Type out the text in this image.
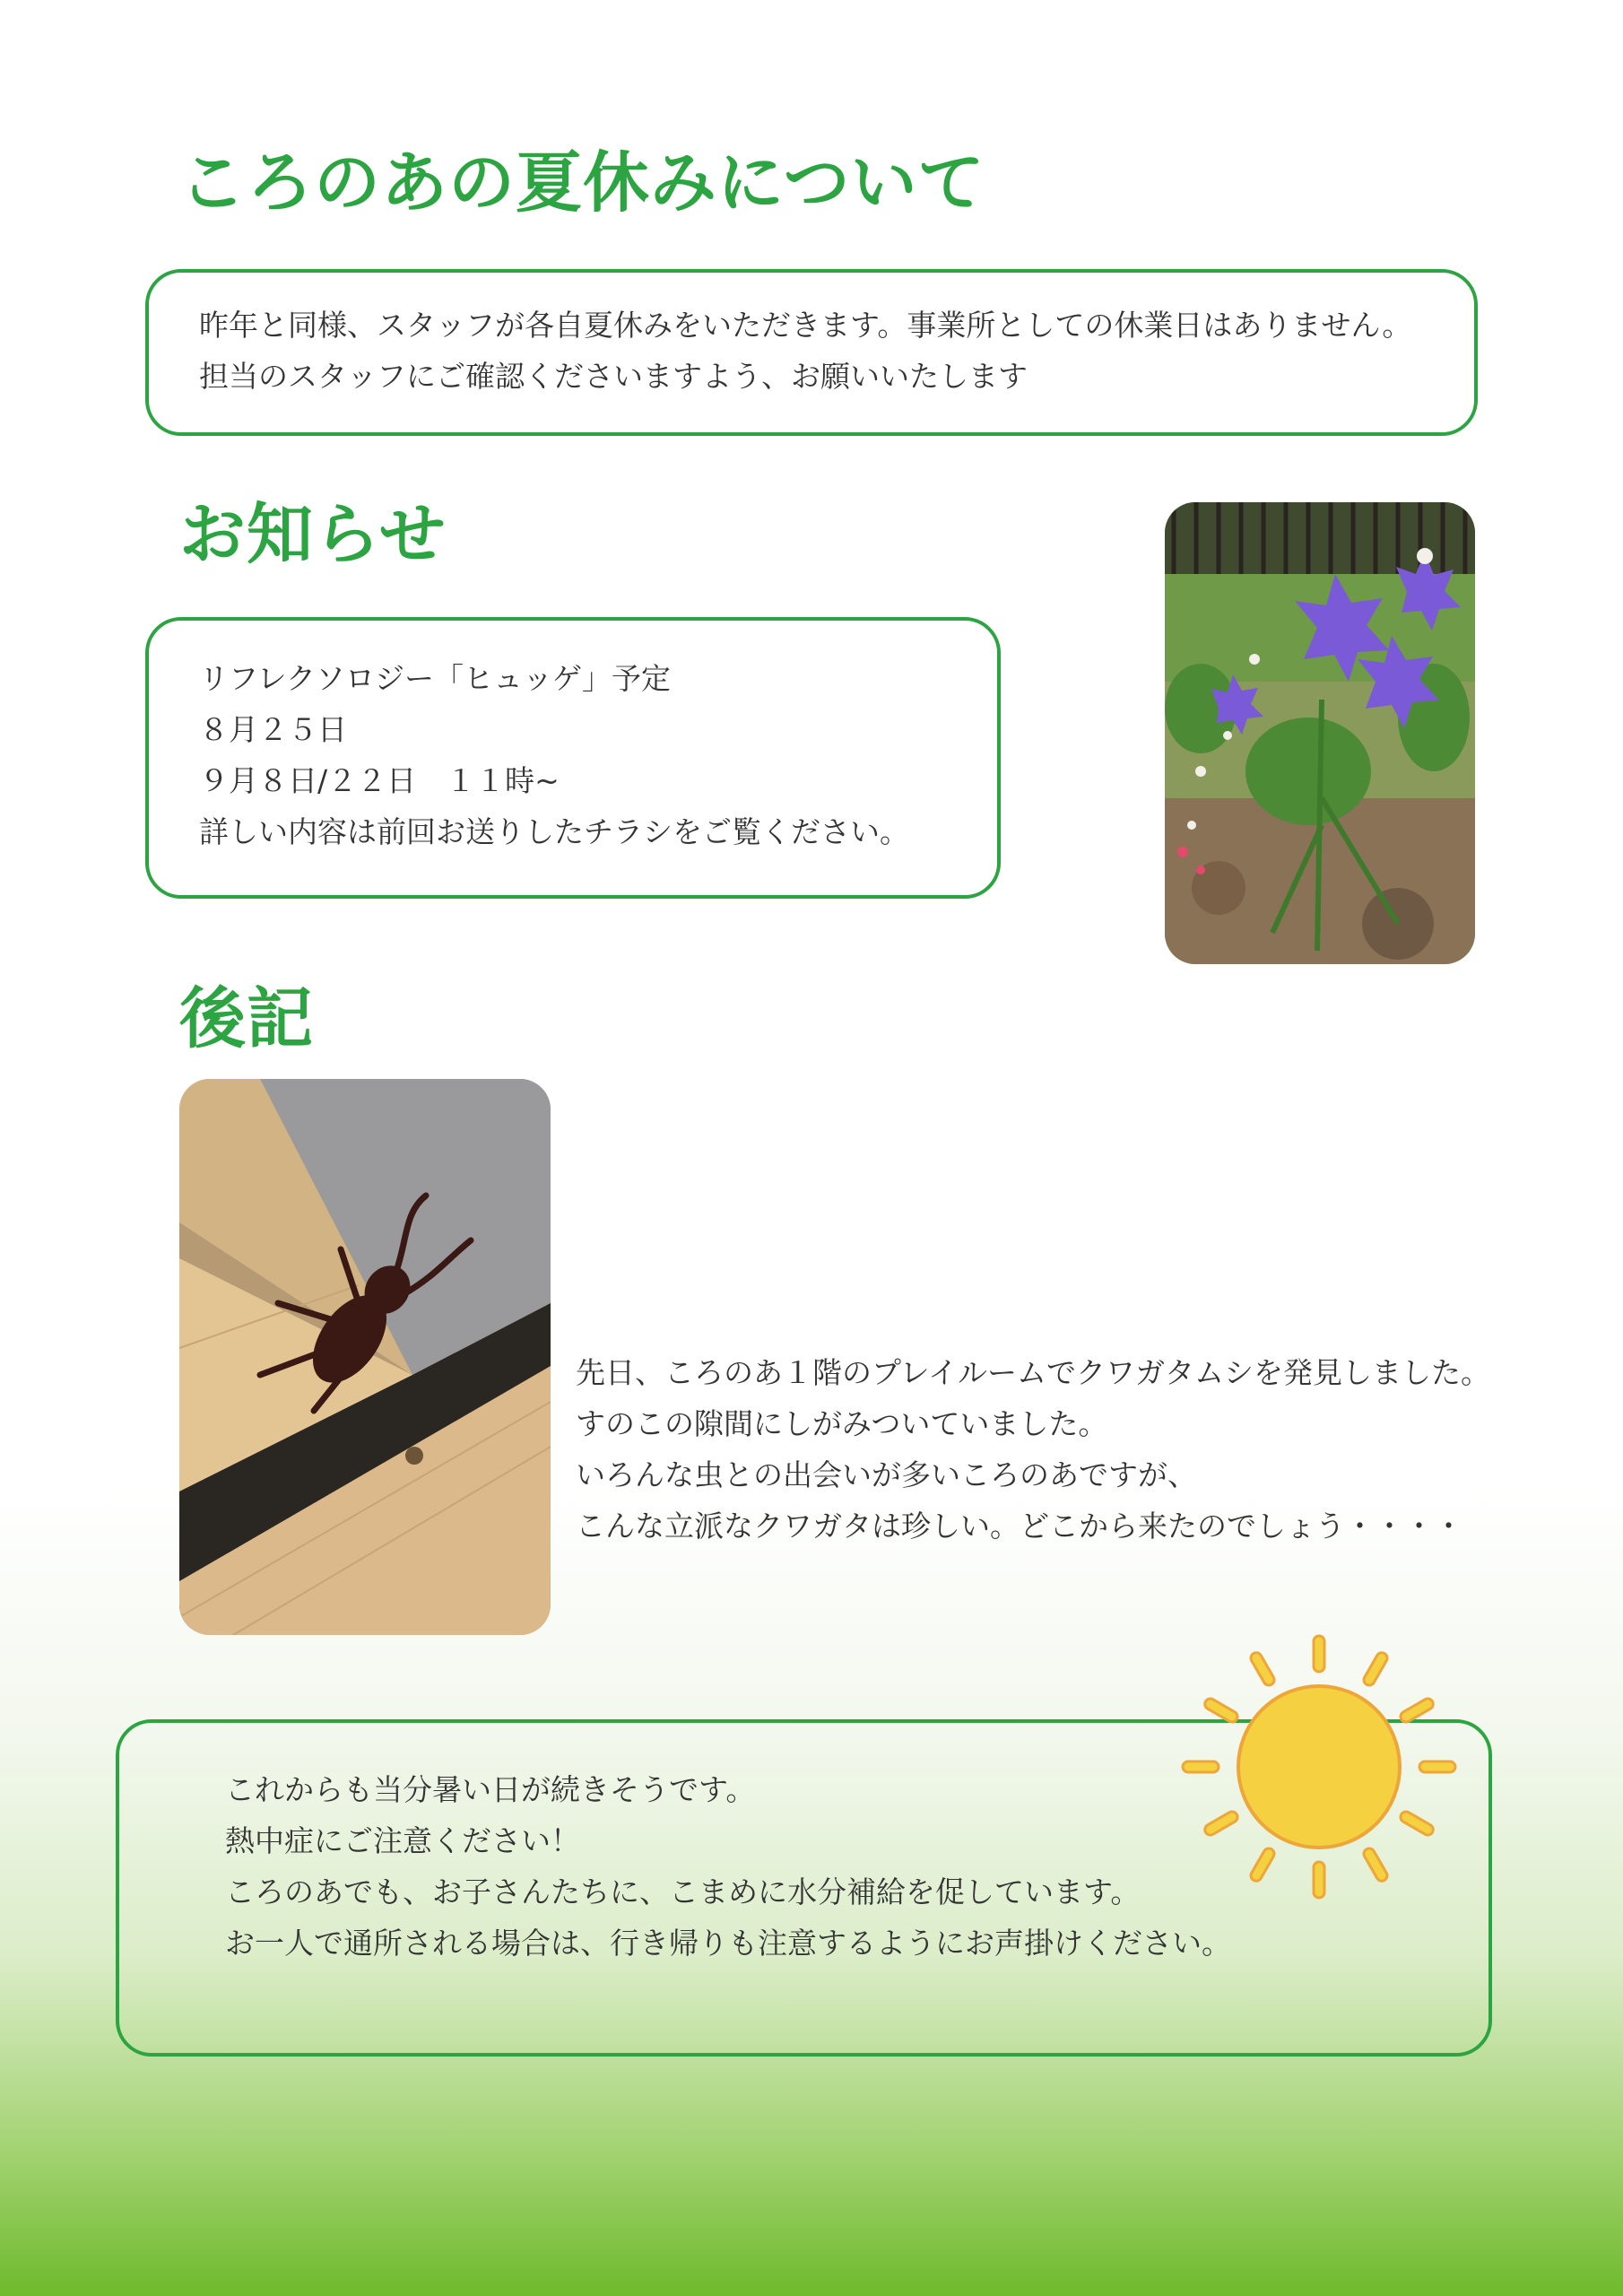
ころのあの夏休みについて
昨年と同様、スタッフが各自夏休みをいただきます。事業所としての休業日はありません。
担当のスタッフにご確認くださいますよう、お願いいたします
お知らせ
リフレクソロジー「ヒュッゲ」予定
８月２５日
９月８日/２２日　１１時~
詳しい内容は前回お送りしたチラシをご覧ください。
後記
先日、ころのあ１階のプレイルームでクワガタムシを発見しました。
すのこの隙間にしがみついていました。
いろんな虫との出会いが多いころのあですが、
こんな立派なクワガタは珍しい。どこから来たのでしょう・・・・
これからも当分暑い日が続きそうです。
熱中症にご注意ください！
ころのあでも、お子さんたちに、こまめに水分補給を促しています。
お一人で通所される場合は、行き帰りも注意するようにお声掛けください。
